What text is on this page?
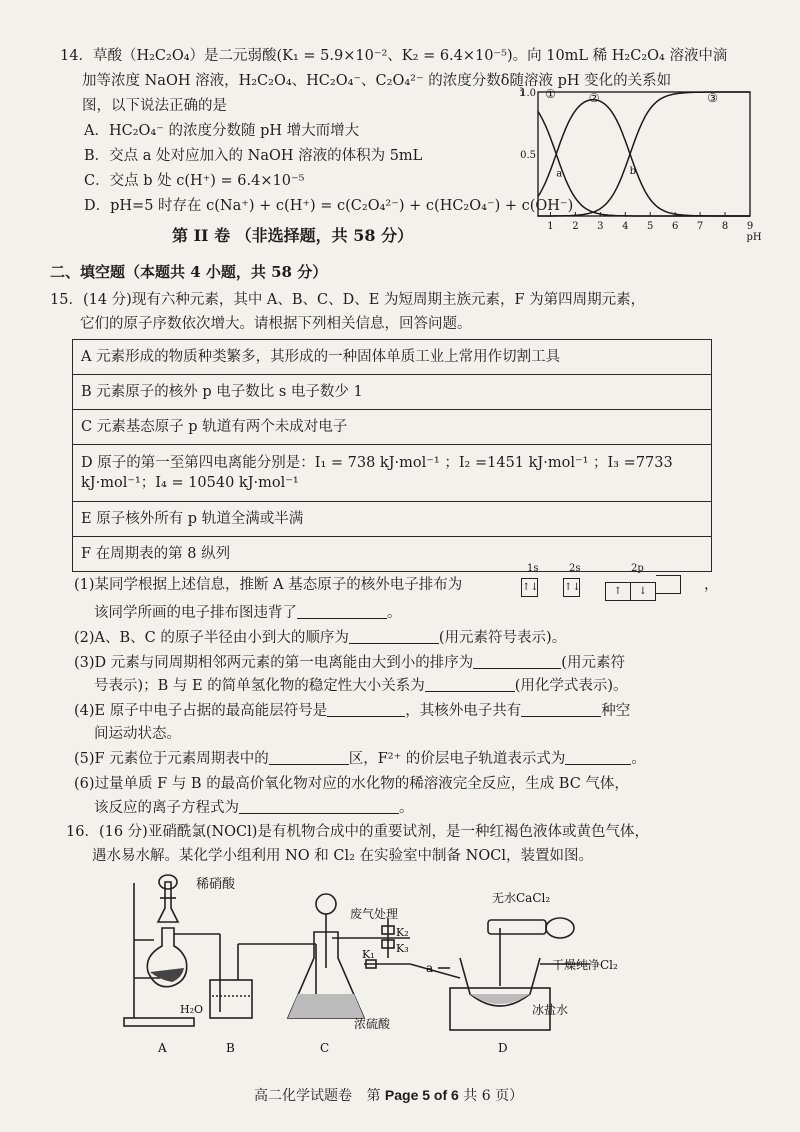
14．草酸（H₂C₂O₄）是二元弱酸(K₁ = 5.9×10⁻²、K₂ = 6.4×10⁻⁵)。向 10mL 稀 H₂C₂O₄ 溶液中滴
加等浓度 NaOH 溶液，H₂C₂O₄、HC₂O₄⁻、C₂O₄²⁻ 的浓度分数δ随溶液 pH 变化的关系如
图，以下说法正确的是
A．HC₂O₄⁻ 的浓度分数随 pH 增大而增大
B．交点 a 处对应加入的 NaOH 溶液的体积为 5mL
C．交点 b 处 c(H⁺) = 6.4×10⁻⁵
D．pH=5 时存在 c(Na⁺) + c(H⁺) = c(C₂O₄²⁻) + c(HC₂O₄⁻) + c(OH⁻)
1 2 3 4 5 6 7 8 9
1.0
0.5
δ
pH
①	②	③
a	b
第 II 卷 （非选择题，共 58 分）
二、填空题（本题共 4 小题，共 58 分）
15．(14 分)现有六种元素，其中 A、B、C、D、E 为短周期主族元素，F 为第四周期元素，
它们的原子序数依次增大。请根据下列相关信息，回答问题。
A 元素形成的物质种类繁多，其形成的一种固体单质工业上常用作切割工具
B 元素原子的核外 p 电子数比 s 电子数少 1
C 元素基态原子 p 轨道有两个未成对电子
D 原子的第一至第四电离能分别是：I₁ = 738 kJ·mol⁻¹ ；I₂ =1451 kJ·mol⁻¹ ；I₃ =7733 kJ·mol⁻¹；I₄ = 10540 kJ·mol⁻¹
E 原子核外所有 p 轨道全满或半满
F 在周期表的第 8 纵列
(1)某同学根据上述信息，推断 A 基态原子的核外电子排布为
1s
↑↓
2s
↑↓
2p
↑ ↓	，
该同学所画的电子排布图违背了	。
(2)A、B、C 的原子半径由小到大的顺序为	(用元素符号表示)。
(3)D 元素与同周期相邻两元素的第一电离能由大到小的排序为	(用元素符
号表示)；B 与 E 的简单氢化物的稳定性大小关系为	(用化学式表示)。
(4)E 原子中电子占据的最高能层符号是	，其核外电子共有	种空
间运动状态。
(5)F 元素位于元素周期表中的	区，F²⁺ 的价层电子轨道表示式为	。
(6)过量单质 F 与 B 的最高价氧化物对应的水化物的稀溶液完全反应，生成 BC 气体，
该反应的离子方程式为	。
16．(16 分)亚硝酰氯(NOCl)是有机物合成中的重要试剂，是一种红褐色液体或黄色气体，
遇水易水解。某化学小组利用 NO 和 Cl₂ 在实验室中制备 NOCl，装置如图。
稀硝酸
H₂O
废气处理
K₂
K₃
K₁
浓硫酸
无水CaCl₂
干燥纯净Cl₂
冰盐水
a
A	B	C	D
高二化学试题卷 第 Page 5 of 6 共 6 页）
